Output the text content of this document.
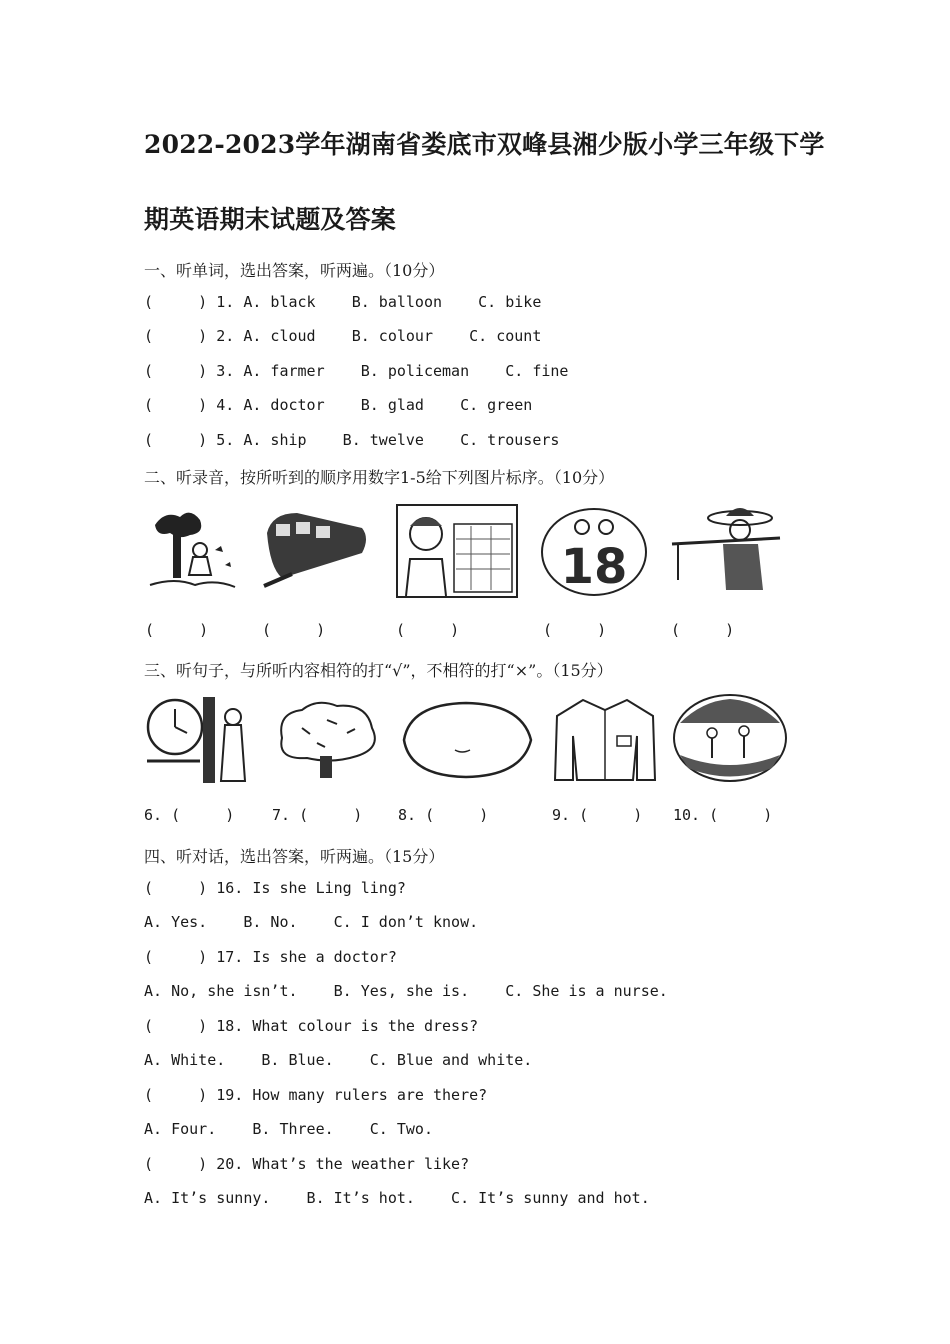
2022-2023学年湖南省娄底市双峰县湘少版小学三年级下学
期英语期末试题及答案
一、听单词，选出答案，听两遍。（10分）
(     ) 1. A. black    B. balloon    C. bike
(     ) 2. A. cloud    B. colour    C. count
(     ) 3. A. farmer    B. policeman    C. fine
(     ) 4. A. doctor    B. glad    C. green
(     ) 5. A. ship    B. twelve    C. trousers
二、听录音，按所听到的顺序用数字1-5给下列图片标序。（10分）
18
(     )	(     )	(     )	(     )	(     )
三、听句子，与所听内容相符的打“√”，不相符的打“×”。（15分）
6. (     )	7. (     ) 8. (     )	9. (     ) 10. (     )
四、听对话，选出答案，听两遍。（15分）
(     ) 16. Is she Ling ling?
A. Yes.    B. No.    C. I don’t know.
(     ) 17. Is she a doctor?
A. No, she isn’t.    B. Yes, she is.    C. She is a nurse.
(     ) 18. What colour is the dress?
A. White.    B. Blue.    C. Blue and white.
(     ) 19. How many rulers are there?
A. Four.    B. Three.    C. Two.
(     ) 20. What’s the weather like?
A. It’s sunny.    B. It’s hot.    C. It’s sunny and hot.
